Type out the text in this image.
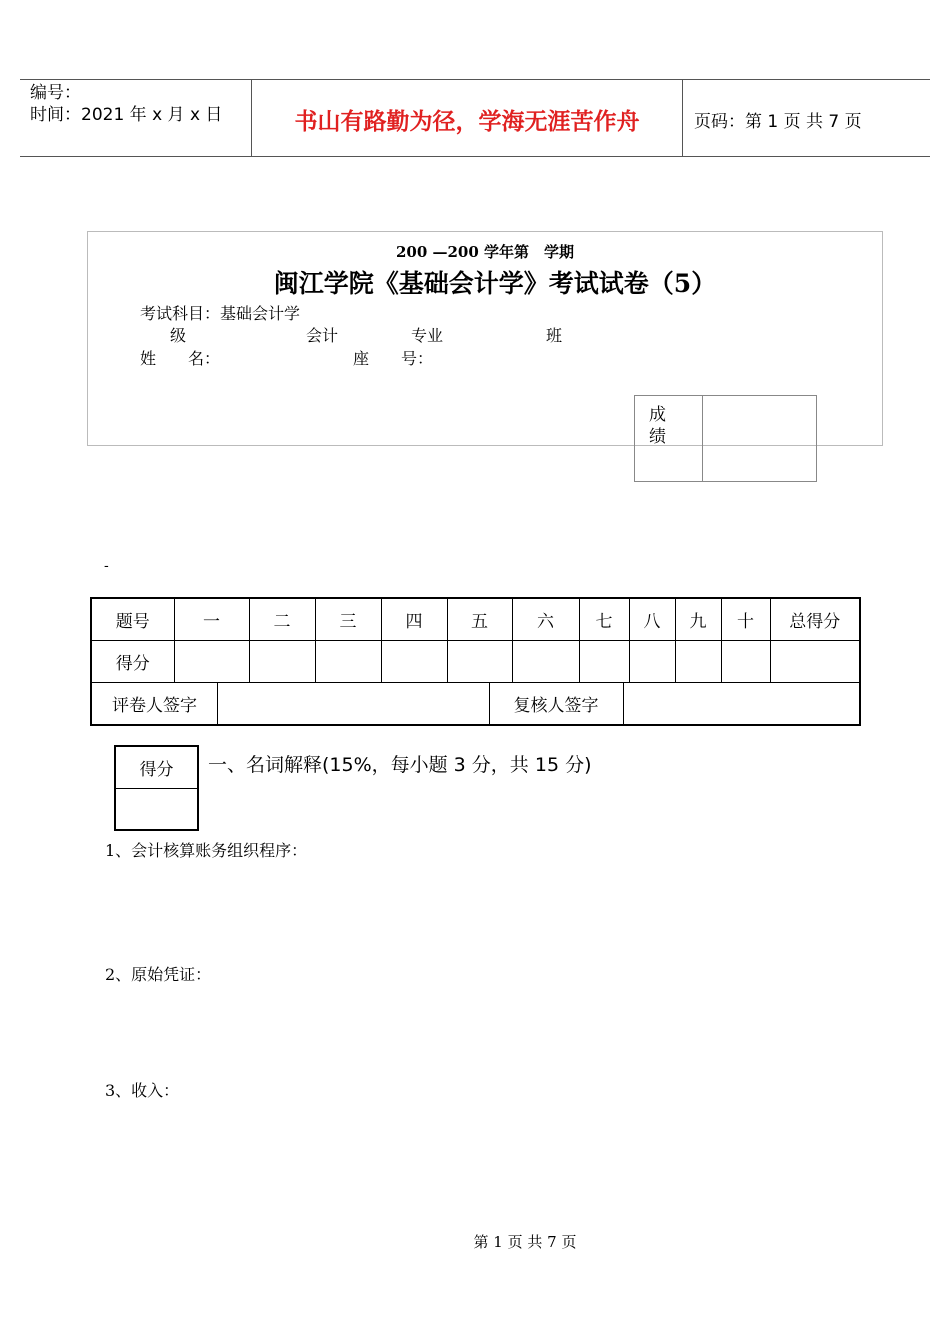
编号：
时间：2021 年 x 月 x 日	书山有路勤为径，学海无涯苦作舟	页码：第 1 页 共 7 页
200 —200 学年第　学期
闽江学院《基础会计学》考试试卷（5）
考试科目：基础会计学
级	会计	专业	班
姓　　名：	座　　号：
成绩
-
题号	一	二	三	四	五	六	七	八	九	十	总得分
得分											

评卷人签字 复核人签字											
得分	一、名词解释(15%，每小题 3 分，共 15 分)
1、会计核算账务组织程序：
2、原始凭证：
3、收入：
第 1 页 共 7 页
